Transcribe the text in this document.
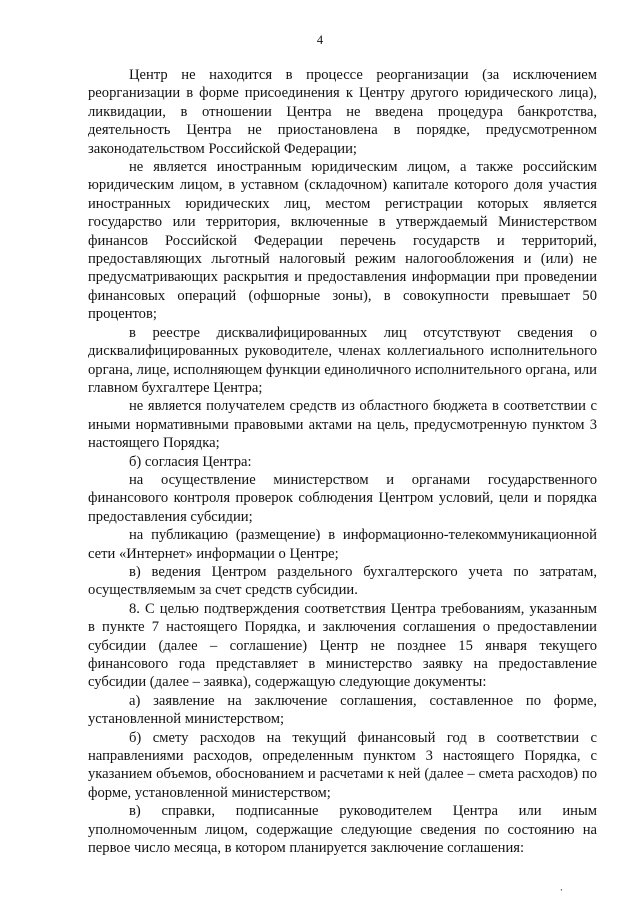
4

Центр не находится в процессе реорганизации (за исключением реорганизации в форме присоединения к Центру другого юридического лица), ликвидации, в отношении Центра не введена процедура банкротства, деятельность Центра не приостановлена в порядке, предусмотренном законодательством Российской Федерации;

не является иностранным юридическим лицом, а также российским юридическим лицом, в уставном (складочном) капитале которого доля участия иностранных юридических лиц, местом регистрации которых является государство или территория, включенные в утверждаемый Министерством финансов Российской Федерации перечень государств и территорий, предоставляющих льготный налоговый режим налогообложения и (или) не предусматривающих раскрытия и предоставления информации при проведении финансовых операций (офшорные зоны), в совокупности превышает 50 процентов;

в реестре дисквалифицированных лиц отсутствуют сведения о дисквалифицированных руководителе, членах коллегиального исполнительного органа, лице, исполняющем функции единоличного исполнительного органа, или главном бухгалтере Центра;

не является получателем средств из областного бюджета в соответствии с иными нормативными правовыми актами на цель, предусмотренную пунктом 3 настоящего Порядка;

б) согласия Центра:

на осуществление министерством и органами государственного финансового контроля проверок соблюдения Центром условий, цели и порядка предоставления субсидии;

на публикацию (размещение) в информационно-телекоммуникационной сети «Интернет» информации о Центре;

в) ведения Центром раздельного бухгалтерского учета по затратам, осуществляемым за счет средств субсидии.

8. С целью подтверждения соответствия Центра требованиям, указанным в пункте 7 настоящего Порядка, и заключения соглашения о предоставлении субсидии (далее – соглашение) Центр не позднее 15 января текущего финансового года представляет в министерство заявку на предоставление субсидии (далее – заявка), содержащую следующие документы:

а) заявление на заключение соглашения, составленное по форме, установленной министерством;

б) смету расходов на текущий финансовый год в соответствии с направлениями расходов, определенным пунктом 3 настоящего Порядка, с указанием объемов, обоснованием и расчетами к ней (далее – смета расходов) по форме, установленной министерством;

в) справки, подписанные руководителем Центра или иным уполномоченным лицом, содержащие следующие сведения по состоянию на первое число месяца, в котором планируется заключение соглашения:

‚
